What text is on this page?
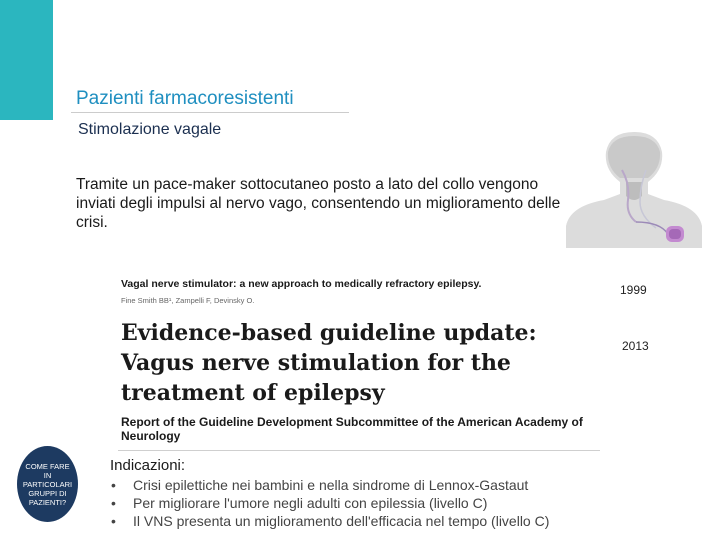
Pazienti farmacoresistenti
Stimolazione vagale
Tramite un pace-maker sottocutaneo posto a lato del collo vengono inviati degli impulsi al nervo vago, consentendo un miglioramento delle crisi.
Vagal nerve stimulator: a new approach to medically refractory epilepsy.
Fine Smith BB¹, Zampelli F, Devinsky O.
Evidence-based guideline update: Vagus nerve stimulation for the treatment of epilepsy
Report of the Guideline Development Subcommittee of the American Academy of Neurology
1999
2013
COME FARE IN PARTICOLARI GRUPPI DI PAZIENTI?
Indicazioni:
• Crisi epilettiche nei bambini e nella sindrome di Lennox-Gastaut
• Per migliorare l'umore negli adulti con epilessia (livello C)
• Il VNS presenta un miglioramento dell'efficacia nel tempo (livello C)
